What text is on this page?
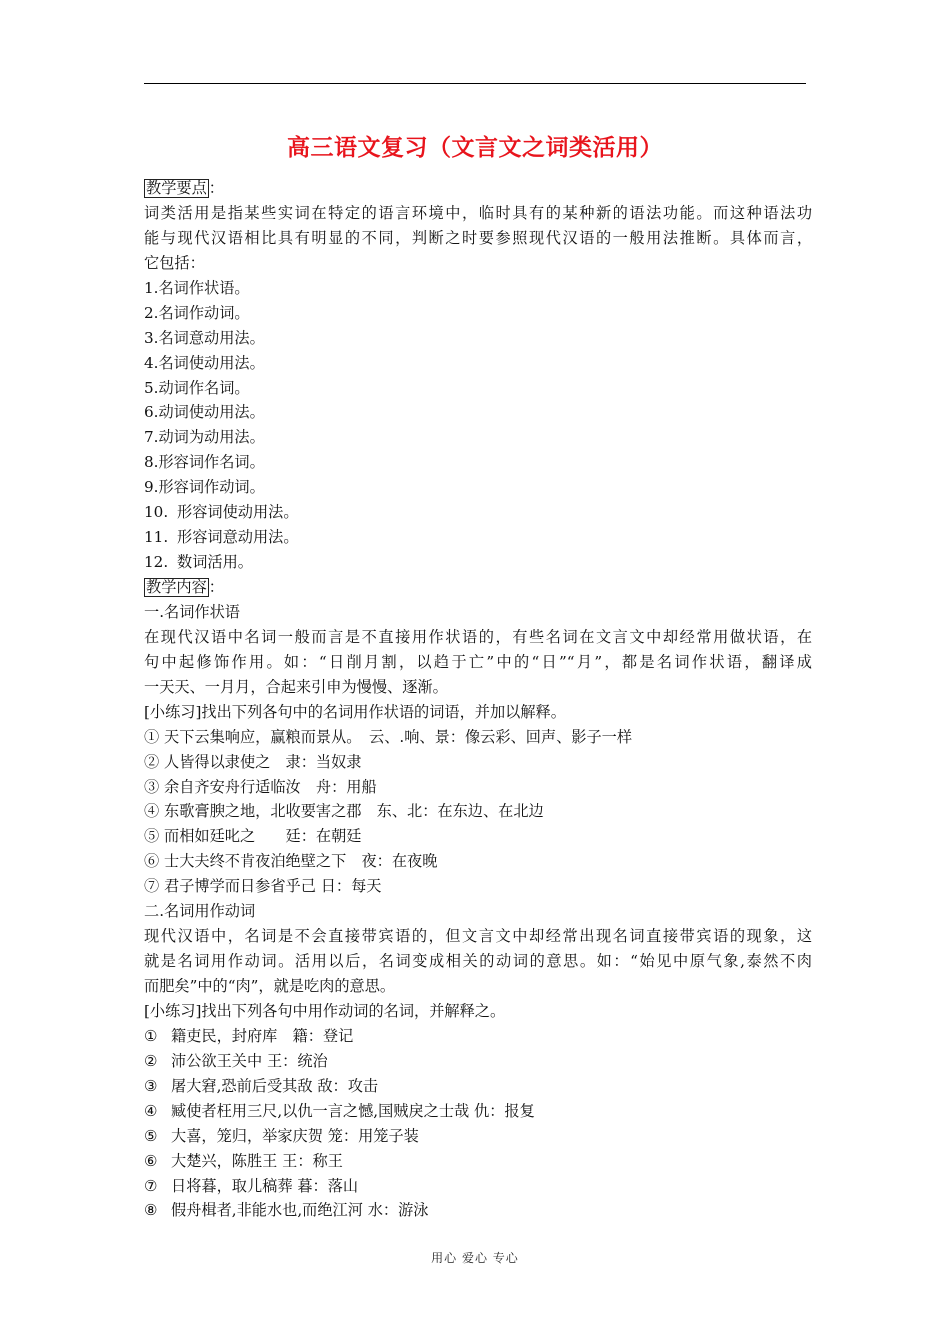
高三语文复习（文言文之词类活用）
教学要点 ：
词类活用是指某些实词在特定的语言环境中，临时具有的某种新的语法功能。而这种语法功
能与现代汉语相比具有明显的不同，判断之时要参照现代汉语的一般用法推断。具体而言，
它包括：
1.名词作状语。
2.名词作动词。
3.名词意动用法。
4.名词使动用法。
5.动词作名词。
6.动词使动用法。
7.动词为动用法。
8.形容词作名词。
9.形容词作动词。
10. 形容词使动用法。
11. 形容词意动用法。
12. 数词活用。
教学内容 ：
一.名词作状语
在现代汉语中名词一般而言是不直接用作状语的，有些名词在文言文中却经常用做状语，在
句中起修饰作用。如：“日削月割，以趋于亡”中的“日”“月”，都是名词作状语，翻译成
一天天、一月月，合起来引申为慢慢、逐渐。
[小练习]找出下列各句中的名词用作状语的词语，并加以解释。
① 天下云集响应，赢粮而景从。　云、.响、景：像云彩、回声、影子一样
② 人皆得以隶使之　隶：当奴隶
③ 余自齐安舟行适临汝　舟：用船
④ 东歌膏腴之地，北收要害之郡　东、北：在东边、在北边
⑤ 而相如廷叱之　　廷：在朝廷
⑥ 士大夫终不肯夜泊绝壁之下　夜：在夜晚
⑦ 君子博学而日参省乎己 日：每天
二.名词用作动词
现代汉语中，名词是不会直接带宾语的，但文言文中却经常出现名词直接带宾语的现象，这
就是名词用作动词。活用以后，名词变成相关的动词的意思。如：“始见中原气象,泰然不肉
而肥矣”中的“肉”，就是吃肉的意思。
[小练习]找出下列各句中用作动词的名词，并解释之。
① 籍吏民，封府库　籍：登记
② 沛公欲王关中 王：统治
③ 屠大窘,恐前后受其敌 敌：攻击
④ 臧使者枉用三尺,以仇一言之憾,国贼戾之士哉 仇：报复
⑤ 大喜，笼归，举家庆贺 笼：用笼子装
⑥ 大楚兴，陈胜王 王：称王
⑦ 日将暮，取儿稿葬 暮：落山
⑧ 假舟楫者,非能水也,而绝江河 水：游泳
用心 爱心 专心
